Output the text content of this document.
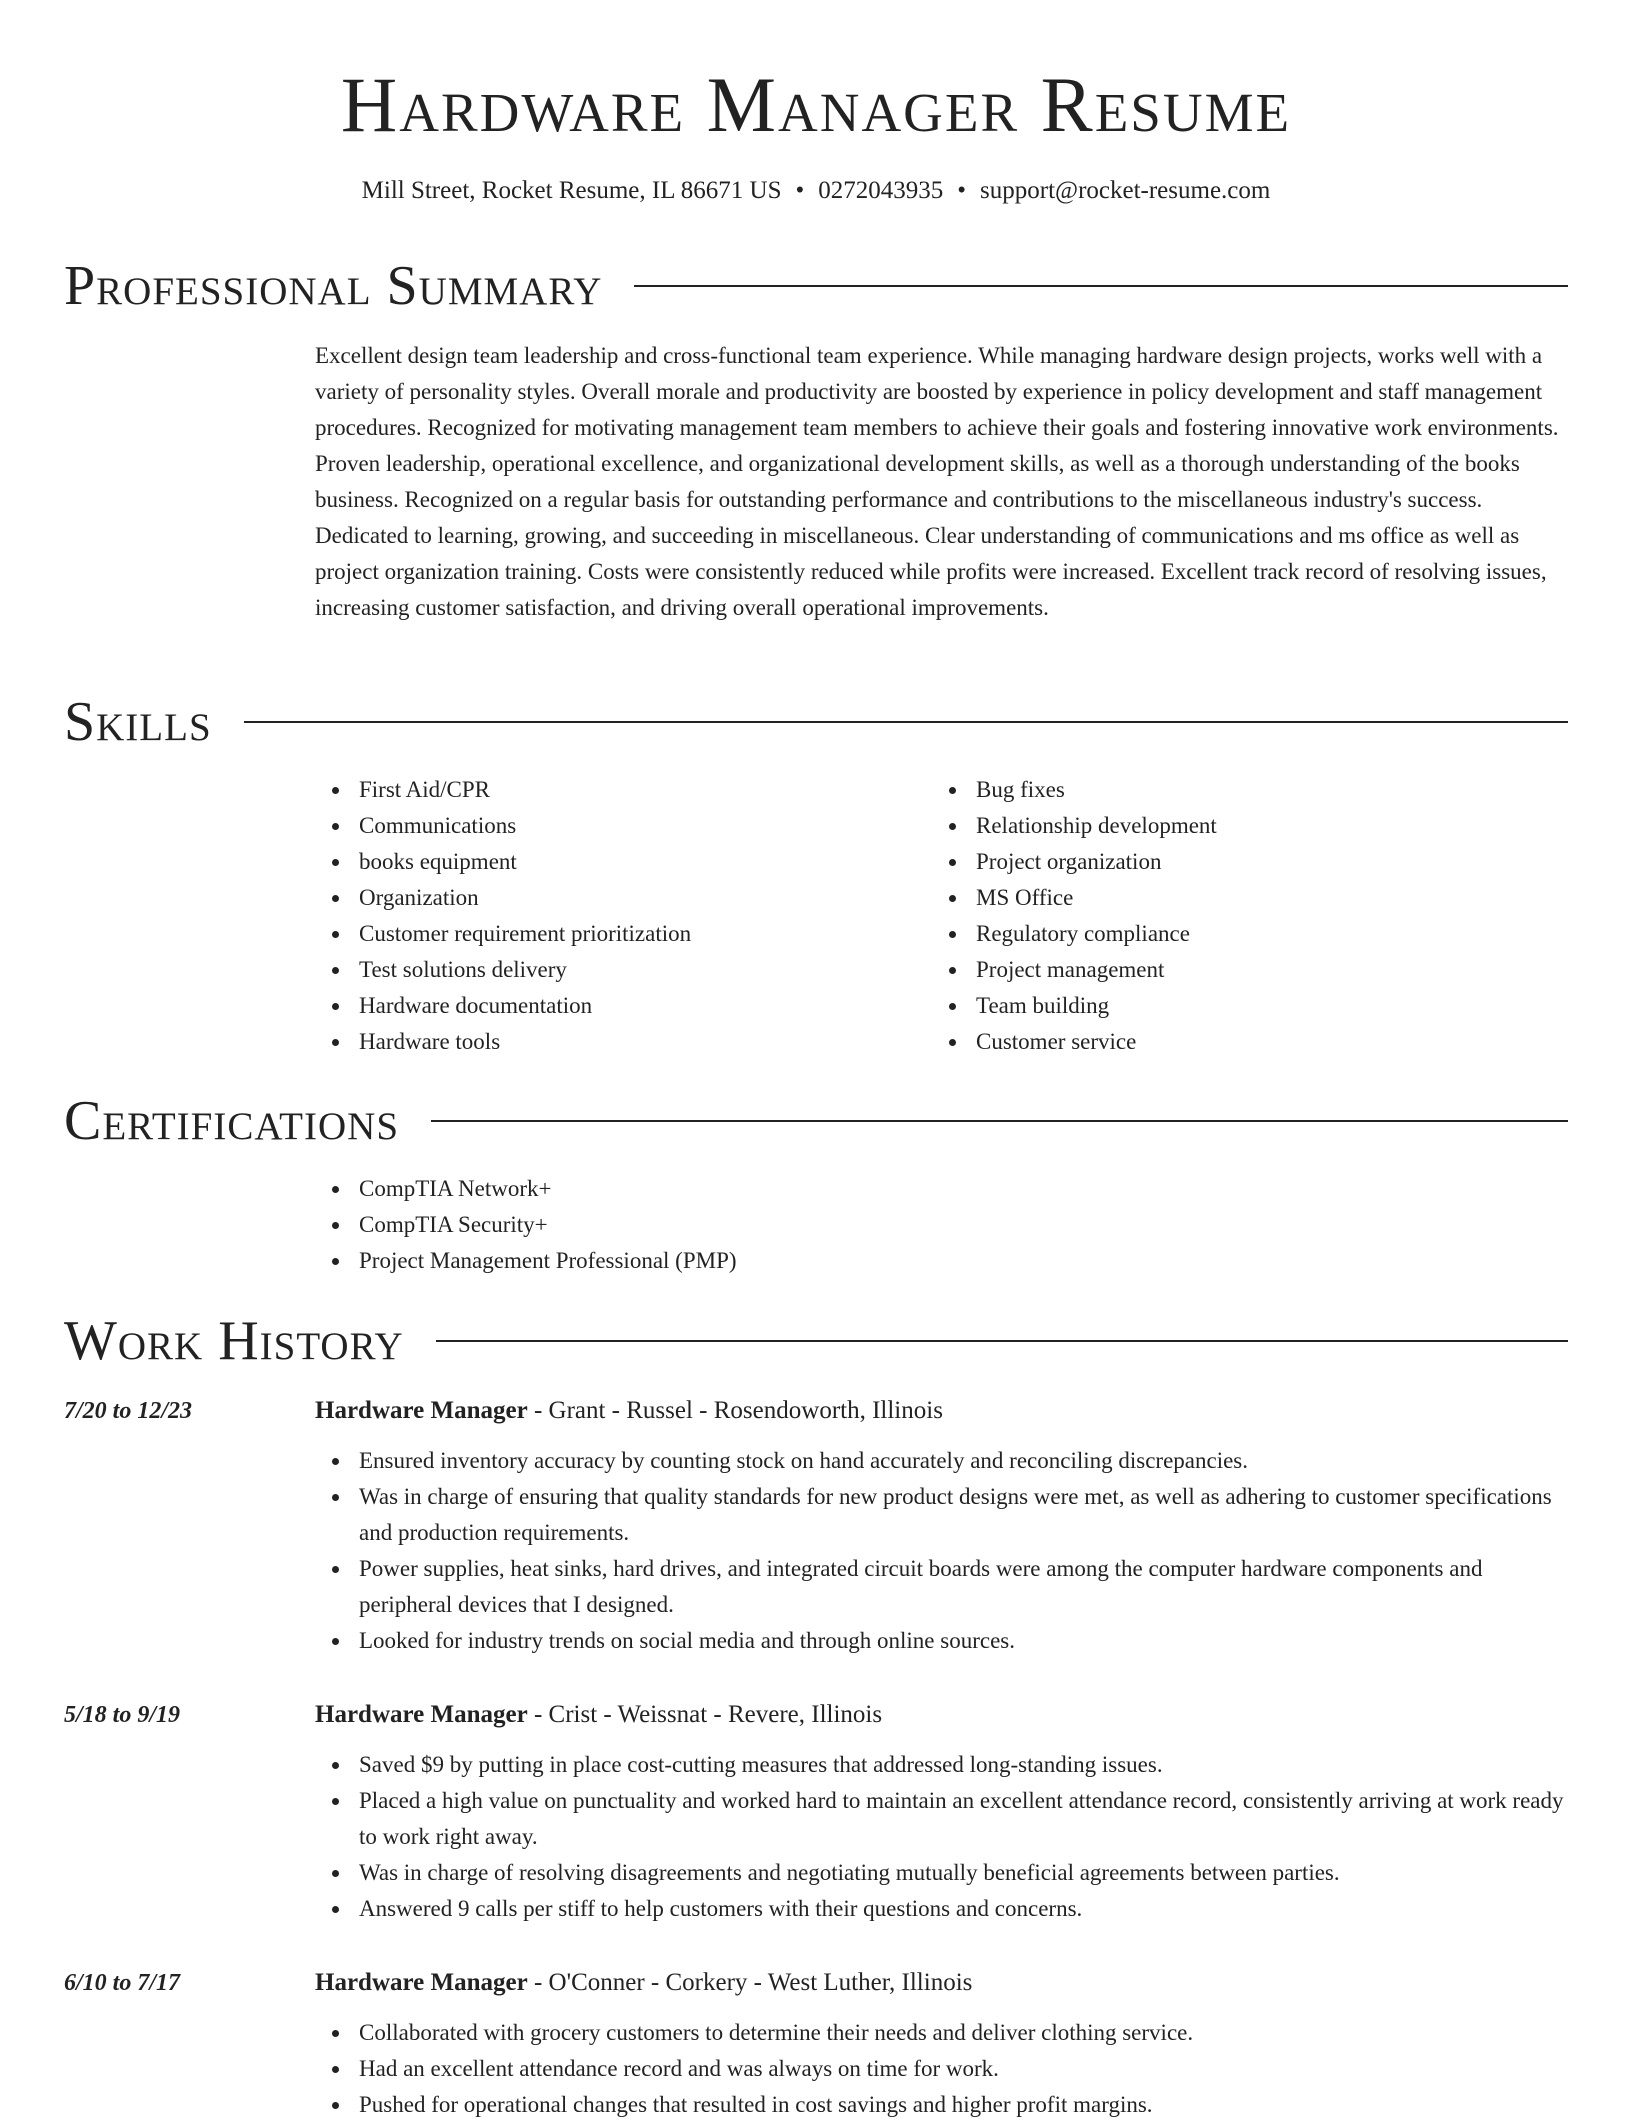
Hardware Manager Resume
Mill Street, Rocket Resume, IL 86671 US • 0272043935 • support@rocket-resume.com
Professional Summary

Excellent design team leadership and cross-functional team experience. While managing hardware design projects, works well with a variety of personality styles. Overall morale and productivity are boosted by experience in policy development and staff management procedures. Recognized for motivating management team members to achieve their goals and fostering innovative work environments. Proven leadership, operational excellence, and organizational development skills, as well as a thorough understanding of the books business. Recognized on a regular basis for outstanding performance and contributions to the miscellaneous industry's success. Dedicated to learning, growing, and succeeding in miscellaneous. Clear understanding of communications and ms office as well as project organization training. Costs were consistently reduced while profits were increased. Excellent track record of resolving issues, increasing customer satisfaction, and driving overall operational improvements.

Skills
First Aid/CPR
Communications
books equipment
Organization
Customer requirement prioritization
Test solutions delivery
Hardware documentation
Hardware tools
Bug fixes
Relationship development
Project organization
MS Office
Regulatory compliance
Project management
Team building
Customer service
Certifications
CompTIA Network+
CompTIA Security+
Project Management Professional (PMP)
Work History
7/20 to 12/23	Hardware Manager - Grant - Russel - Rosendoworth, Illinois
Ensured inventory accuracy by counting stock on hand accurately and reconciling discrepancies.
Was in charge of ensuring that quality standards for new product designs were met, as well as adhering to customer specifications and production requirements.
Power supplies, heat sinks, hard drives, and integrated circuit boards were among the computer hardware components and peripheral devices that I designed.
Looked for industry trends on social media and through online sources.
5/18 to 9/19	Hardware Manager - Crist - Weissnat - Revere, Illinois
Saved $9 by putting in place cost-cutting measures that addressed long-standing issues.
Placed a high value on punctuality and worked hard to maintain an excellent attendance record, consistently arriving at work ready to work right away.
Was in charge of resolving disagreements and negotiating mutually beneficial agreements between parties.
Answered 9 calls per stiff to help customers with their questions and concerns.
6/10 to 7/17	Hardware Manager - O'Conner - Corkery - West Luther, Illinois
Collaborated with grocery customers to determine their needs and deliver clothing service.
Had an excellent attendance record and was always on time for work.
Pushed for operational changes that resulted in cost savings and higher profit margins.
